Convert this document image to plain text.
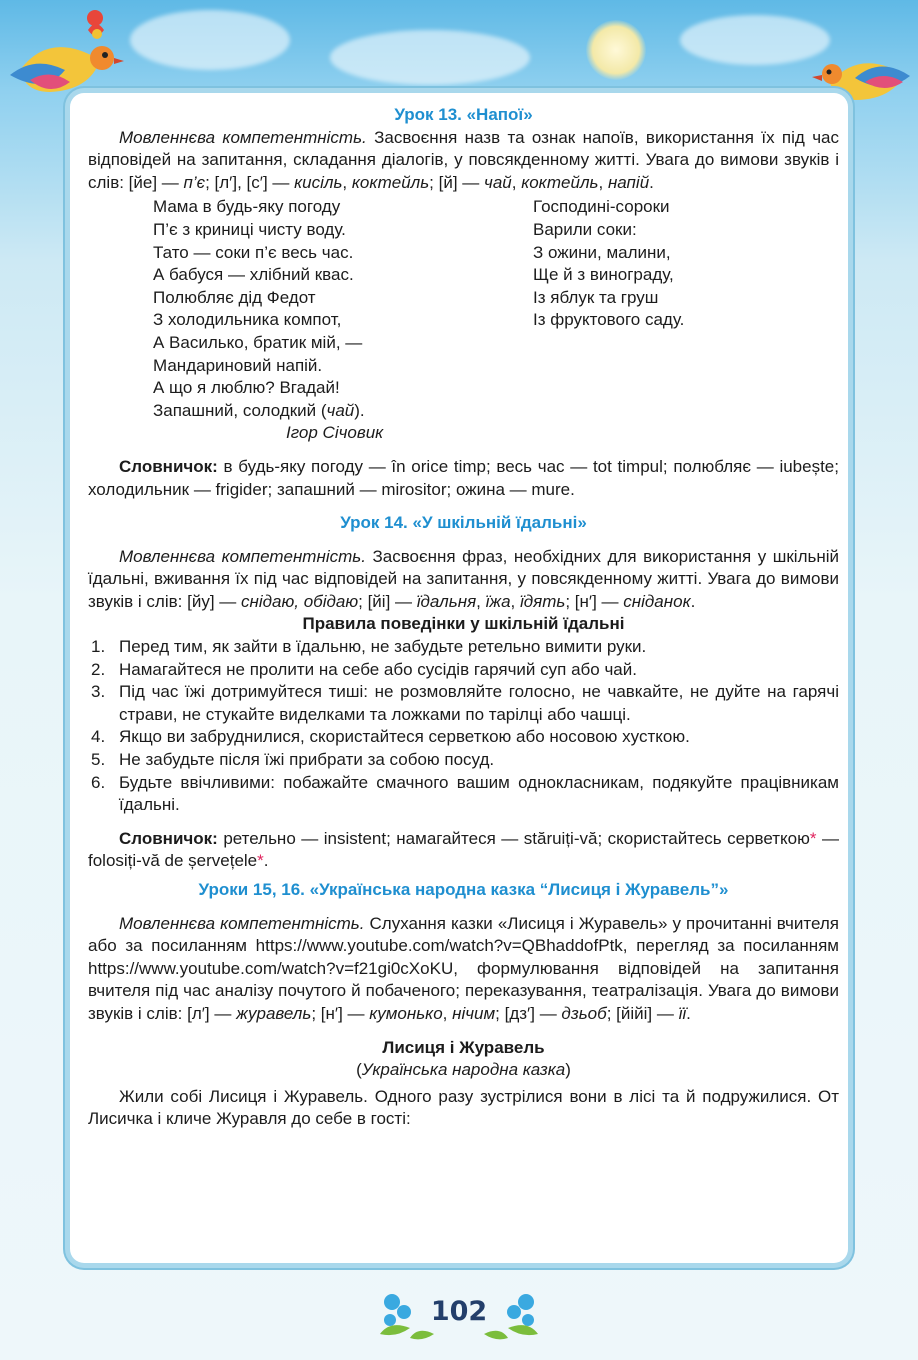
Урок 13. «Напої»

Мовленнєва компетентність. Засвоєння назв та ознак напоїв, використання їх під час відповідей на запитання, складання діалогів, у повсякденному житті. Увага до вимови звуків і слів: [йе] — п’є; [л′], [с′] — кисіль, коктейль; [й] — чай, коктейль, напій.

Мама в будь-яку погоду
П’є з криниці чисту воду.
Тато — соки п’є весь час.
А бабуся — хлібний квас.
Полюбляє дід Федот
З холодильника компот,
А Василько, братик мій, —
Мандариновий напій.
А що я люблю? Вгадай!
Запашний, солодкий (чай).
Ігор Січовик
Господині-сороки
Варили соки:
З ожини, малини,
Ще й з винограду,
Із яблук та груш
Із фруктового саду.

Словничок: в будь-яку погоду — în orice timp; весь час — tot timpul; полюбляє — iubește; холодильник — frigider; запашний — mirositor; ожина — mure.

Урок 14. «У шкільній їдальні»

Мовленнєва компетентність. Засвоєння фраз, необхідних для використання у шкільній їдальні, вживання їх під час відповідей на запитання, у повсякденному житті. Увага до вимови звуків і слів: [йу] — снідаю, обідаю; [йі] — їдальня, їжа, їдять; [н′] — сніданок.

Правила поведінки у шкільній їдальні
1. Перед тим, як зайти в їдальню, не забудьте ретельно вимити руки.
2. Намагайтеся не пролити на себе або сусідів гарячий суп або чай.
3. Під час їжі дотримуйтеся тиші: не розмовляйте голосно, не чавкайте, не дуйте на гарячі страви, не стукайте виделками та ложками по тарілці або чашці.
4. Якщо ви забруднилися, скористайтеся серветкою або носовою хусткою.
5. Не забудьте після їжі прибрати за собою посуд.
6. Будьте ввічливими: побажайте смачного вашим однокласникам, подякуйте працівникам їдальні.

Словничок: ретельно — insistent; намагайтеся — stăruiți-vă; скористайтесь серветкою* — folosiți-vă de șervețele*.

Уроки 15, 16. «Українська народна казка “Лисиця і Журавель”»

Мовленнєва компетентність. Слухання казки «Лисиця і Журавель» у прочитанні вчителя або за посиланням https://www.youtube.com/watch?v=QBhaddofPtk, перегляд за посиланням https://www.youtube.com/watch?v=f21gi0cXoKU, формулювання відповідей на запитання вчителя під час аналізу почутого й побаченого; переказування, театралізація. Увага до вимови звуків і слів: [л′] — журавель; [н′] — кумонько, нічим; [дз′] — дзьоб; [йійі] — її.

Лисиця і Журавель
(Українська народна казка)

Жили собі Лисиця і Журавель. Одного разу зустрілися вони в лісі та й подружилися. От Лисичка і кличе Журавля до себе в гості:

102
